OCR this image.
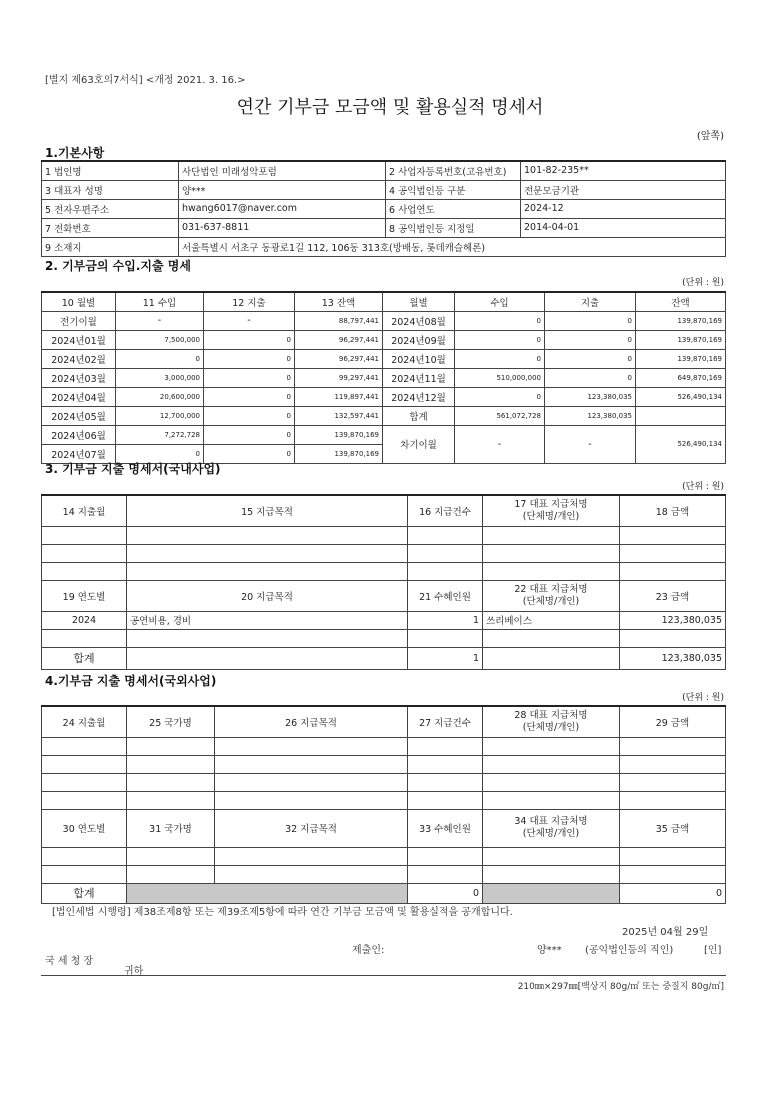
[별지 제63호의7서식] <개정 2021. 3. 16.>
연간 기부금 모금액 및 활용실적 명세서
(앞쪽)
1.기본사항
1 법인명	사단법인 미래성악포럼	2 사업자등록번호(고유번호)	101-82-235**
3 대표자 성명	양***	4 공익법인등 구분	전문모금기관
5 전자우편주소	hwang6017@naver.com	6 사업연도	2024-12
7 전화번호	031-637-8811	8 공익법인등 지정일	2014-04-01
9 소재지	서울특별시 서초구 동광로1길 112, 106동 313호(방배동, 롯데캐슬헤론)		
2. 기부금의 수입.지출 명세
(단위 : 원)
10 월별	11 수입	12 지출	13 잔액	월별	수입	지출	잔액
전기이월	-	-	88,797,441	2024년08월	0	0	139,870,169
2024년01월	7,500,000	0	96,297,441	2024년09월	0	0	139,870,169
2024년02월	0	0	96,297,441	2024년10월	0	0	139,870,169
2024년03월	3,000,000	0	99,297,441	2024년11월	510,000,000	0	649,870,169
2024년04월	20,600,000	0	119,897,441	2024년12월	0	123,380,035	526,490,134
2024년05월	12,700,000	0	132,597,441	합계	561,072,728	123,380,035	
2024년06월	7,272,728	0	139,870,169	차기이월	-	-	526,490,134
2024년07월	0	0	139,870,169				
3. 기부금 지출 명세서(국내사업)
(단위 : 원)
14 지출월	15 지급목적	16 지급건수	17 대표 지급처명
(단체명/개인)	18 금액

19 연도별	20 지급목적	21 수혜인원	22 대표 지급처명
(단체명/개인)	23 금액
2024	공연비용, 경비	1	쓰리베이스	123,380,035

합계		1		123,380,035
4.기부금 지출 명세서(국외사업)
(단위 : 원)
24 지출월	25 국가명	26 지급목적	27 지급건수	28 대표 지급처명
(단체명/개인)	29 금액

30 연도별	31 국가명	32 지급목적	33 수혜인원	34 대표 지급처명
(단체명/개인)	35 금액

합계			0		0
[법인세법 시행령] 제38조제8항 또는 제39조제5항에 따라 연간 기부금 모금액 및 활용실적을 공개합니다.
2025년 04월 29일
제출인:	양*** (공익법인등의 직인)	[인]
국 세 청 장
귀하
210㎜×297㎜[백상지 80g/㎡ 또는 중질지 80g/㎡]
